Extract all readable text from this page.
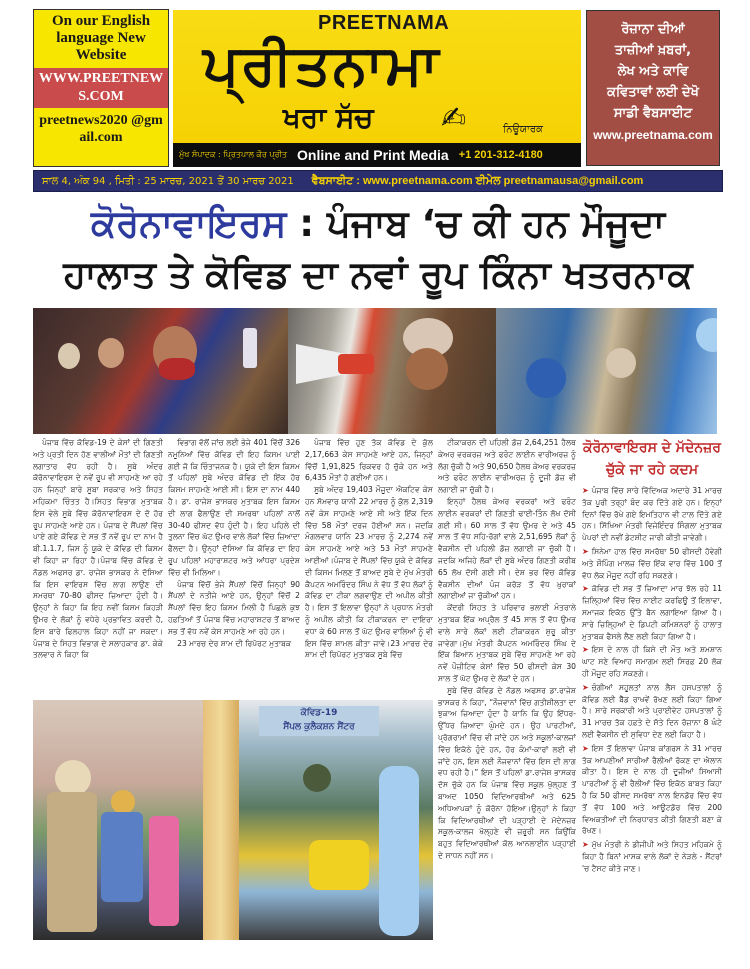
On our English language New Website
WWW.PREETNEWS.COM
preetnews2020 @gmail.com
PREETNAMA
ਪ੍ਰੀਤਨਾਮਾ
ਖਰਾ ਸੱਚ ✍	ਨਿਊਯਾਰਕ
ਮੁੱਖ ਸੰਪਾਦਕ : ਪ੍ਰਿਤਪਾਲ ਕੌਰ ਪ੍ਰੀਤ Online and Print Media +1 201-312-4180
ਰੋਜ਼ਾਨਾ ਦੀਆਂ
ਤਾਜ਼ੀਆਂ ਖ਼ਬਰਾਂ,
ਲੇਖ ਅਤੇ ਕਾਵਿ
ਕਵਿਤਾਵਾਂ ਲਈ ਦੇਖੋ
ਸਾਡੀ ਵੈਬਸਾਈਟ
www.preetnama.com
ਸਾਲ 4, ਅੰਕ 94 , ਮਿਤੀ : 25 ਮਾਰਚ, 2021 ਤੋਂ 30 ਮਾਰਚ 2021 ਵੈਬਸਾਈਟ : www.preetnama.com ਈਮੇਲ preetnamausa@gmail.com
ਕੋਰੋਨਾਵਾਇਰਸ : ਪੰਜਾਬ ‘ਚ ਕੀ ਹਨ ਮੌਜੂਦਾ
ਹਾਲਾਤ ਤੇ ਕੋਵਿਡ ਦਾ ਨਵਾਂ ਰੂਪ ਕਿੰਨਾ ਖਤਰਨਾਕ

ਪੰਜਾਬ ਵਿੱਚ ਕੋਵਿਡ-19 ਦੇ ਕੇਸਾਂ ਦੀ ਗਿਣਤੀ ਅਤੇ ਪ੍ਰਤੀ ਦਿਨ ਹੋਣ ਵਾਲੀਆਂ ਮੌਤਾਂ ਦੀ ਗਿਣਤੀ ਲਗਾਤਾਰ ਵੱਧ ਰਹੀ ਹੈ। ਸੂਬੇ ਅੰਦਰ ਕੋਰੋਨਾਵਾਇਰਸ ਦੇ ਨਵੇਂ ਰੂਪ ਵੀ ਸਾਹਮਣੇ ਆ ਰਹੇ ਹਨ ਜਿਨ੍ਹਾਂ ਬਾਰੇ ਸੂਬਾ ਸਰਕਾਰ ਅਤੇ ਸਿਹਤ ਮਹਿਕਮਾ ਚਿੰਤਤ ਹੈ।ਸਿਹਤ ਵਿਭਾਗ ਮੁਤਾਬਕ ਇਸ ਵੇਲੇ ਸੂਬੇ ਵਿੱਚ ਕੋਰੋਨਾਵਾਇਰਸ ਦੇ ਦੋ ਹੋਰ ਰੂਪ ਸਾਹਮਣੇ ਆਏ ਹਨ। ਪੰਜਾਬ ਦੇ ਸੈਂਪਲਾਂ ਵਿੱਚ ਪਾਏ ਗਏ ਕੋਵਿਡ ਦੇ ਸਭ ਤੋਂ ਨਵੇਂ ਰੂਪ ਦਾ ਨਾਮ ਹੈ ਬੀ.1.1.7, ਜਿਸ ਨੂੰ ਯੂਕੇ ਦੇ ਕੋਵਿਡ ਦੀ ਕਿਸਮ ਵੀ ਕਿਹਾ ਜਾ ਰਿਹਾ ਹੈ।ਪੰਜਾਬ ਵਿੱਚ ਕੋਵਿਡ ਦੇ ਨੋਡਲ ਅਫਸਰ ਡਾ. ਰਾਜੇਸ਼ ਭਾਸਕਰ ਨੇ ਦੱਸਿਆ ਕਿ ਇਸ ਵਾਇਰਸ ਵਿੱਚ ਲਾਗ ਲਾਉਣ ਦੀ ਸਮਰਥਾ 70-80 ਫੀਸਦ ਜ਼ਿਆਦਾ ਹੁੰਦੀ ਹੈ।ਉਨ੍ਹਾਂ ਨੇ ਕਿਹਾ ਕਿ ਇਹ ਨਵੀਂ ਕਿਸਮ ਕਿਹੜੀ ਉਮਰ ਦੇ ਲੋਕਾਂ ਨੂੰ ਵਧੇਰੇ ਪ੍ਰਭਾਵਿਤ ਕਰਦੀ ਹੈ, ਇਸ ਬਾਰੇ ਫਿਲਹਾਲ ਕਿਹਾ ਨਹੀਂ ਜਾ ਸਕਦਾ। ਪੰਜਾਬ ਦੇ ਸਿਹਤ ਵਿਭਾਗ ਦੇ ਸਲਾਹਕਾਰ ਡਾ. ਕੇਕੇ ਤਲਵਾਰ ਨੇ ਕਿਹਾ ਕਿ

ਵਿਭਾਗ ਵੱਲੋਂ ਜਾਂਚ ਲਈ ਭੇਜੇ 401 ਵਿੱਚੋਂ 326 ਨਮੂਨਿਆਂ ਵਿੱਚ ਕੋਵਿਡ ਦੀ ਇਹ ਕਿਸਮ ਪਾਈ ਗਈ ਜੋ ਕਿ ਚਿੰਤਾਜਨਕ ਹੈ। ਯੂਕੇ ਦੀ ਇਸ ਕਿਸਮ ਤੋਂ ਪਹਿਲਾਂ ਸੂਬੇ ਅੰਦਰ ਕੋਵਿਡ ਦੀ ਇੱਕ ਹੋਰ ਕਿਸਮ ਸਾਹਮਣੇ ਆਈ ਸੀ। ਇਸ ਦਾ ਨਾਮ 440 ਹੈ। ਡਾ. ਰਾਜੇਸ਼ ਭਾਸਕਰ ਮੁਤਾਬਕ ਇਸ ਕਿਸਮ ਦੀ ਲਾਗ ਫੈਲਾਉਣ ਦੀ ਸਮਰਥਾ ਪਹਿਲਾਂ ਨਾਲੋਂ 30-40 ਫੀਸਦ ਵੱਧ ਹੁੰਦੀ ਹੈ। ਇਹ ਪਹਿਲੇ ਦੀ ਤੁਲਨਾ ਵਿੱਚ ਘੱਟ ਉਮਰ ਵਾਲੇ ਲੋਕਾਂ ਵਿੱਚ ਜ਼ਿਆਦਾ ਫੈਲਦਾ ਹੈ। ਉਨ੍ਹਾਂ ਦੱਸਿਆ ਕਿ ਕੋਵਿਡ ਦਾ ਇਹ ਰੂਪ ਪਹਿਲਾਂ ਮਹਾਰਾਸ਼ਟਰ ਅਤੇ ਆਂਧਰਾ ਪ੍ਰਦੇਸ਼ ਵਿੱਚ ਵੀ ਮਿਲਿਆ।

ਪੰਜਾਬ ਵਿੱਚੋਂ ਭੇਜੇ ਸੈਂਪਲਾਂ ਵਿੱਚੋਂ ਜਿਨ੍ਹਾਂ 90 ਸੈਂਪਲਾਂ ਦੇ ਨਤੀਜੇ ਆਏ ਹਨ, ਉਨ੍ਹਾਂ ਵਿੱਚੋਂ 2 ਸੈਂਪਲਾਂ ਵਿੱਚ ਇਹ ਕਿਸਮ ਮਿਲੀ ਹੈ ਪਿਛਲੇ ਕੁਝ ਹਫ਼ਤਿਆਂ ਤੋਂ ਪੰਜਾਬ ਵਿੱਚ ਮਹਾਰਾਸ਼ਟਰ ਤੋਂ ਬਾਅਦ ਸਭ ਤੋਂ ਵੱਧ ਨਵੇਂ ਕੇਸ ਸਾਹਮਣੇ ਆ ਰਹੇ ਹਨ।

23 ਮਾਰਚ ਦੇਰ ਸ਼ਾਮ ਦੀ ਰਿਪੋਰਟ ਮੁਤਾਬਕ

ਪੰਜਾਬ ਵਿੱਚ ਹੁਣ ਤੱਕ ਕੋਵਿਡ ਦੇ ਕੁੱਲ 2,17,663 ਕੇਸ ਸਾਹਮਣੇ ਆਏ ਹਨ, ਜਿਨ੍ਹਾਂ ਵਿੱਚੋਂ 1,91,825 ਰਿਕਵਰ ਹੋ ਚੁੱਕੇ ਹਨ ਅਤੇ 6,435 ਮੌਤਾਂ ਹੋ ਗਈਆਂ ਹਨ।

ਸੂਬੇ ਅੰਦਰ 19,403 ਮੌਜੂਦਾ ਐਕਟਿਵ ਕੇਸ ਹਨ ਸੋਮਵਾਰ ਯਾਨੀ 22 ਮਾਰਚ ਨੂੰ ਕੁੱਲ 2,319 ਨਵੇਂ ਕੇਸ ਸਾਹਮਣੇ ਆਏ ਸੀ ਅਤੇ ਇੱਕ ਦਿਨ ਵਿੱਚ 58 ਮੌਤਾਂ ਦਰਜ ਹੋਈਆਂ ਸਨ। ਜਦਕਿ ਮੰਗਲਵਾਰ ਯਾਨਿ 23 ਮਾਰਚ ਨੂੰ 2,274 ਨਵੇਂ ਕੇਸ ਸਾਹਮਣੇ ਆਏ ਅਤੇ 53 ਮੌਤਾਂ ਸਾਹਮਣੇ ਆਈਆਂ।ਪੰਜਾਬ ਦੇ ਸੈਂਪਲਾਂ ਵਿੱਚ ਯੂਕੇ ਦੇ ਕੋਵਿਡ ਦੀ ਕਿਸਮ ਮਿਲਣ ਤੋਂ ਬਾਅਦ ਸੂਬੇ ਦੇ ਮੁੱਖ ਮੰਤਰੀ ਕੈਪਟਨ ਅਮਰਿੰਦਰ ਸਿੰਘ ਨੇ ਵੱਧ ਤੋਂ ਵੱਧ ਲੋਕਾਂ ਨੂੰ ਕੋਵਿਡ ਦਾ ਟੀਕਾ ਲਗਵਾਉਣ ਦੀ ਅਪੀਲ ਕੀਤੀ ਹੈ। ਇਸ ਤੋਂ ਇਲਾਵਾ ਉਨ੍ਹਾਂ ਨੇ ਪ੍ਰਧਾਨ ਮੰਤਰੀ ਨੂੰ ਅਪੀਲ ਕੀਤੀ ਕਿ ਟੀਕਾਕਰਨ ਦਾ ਦਾਇਰਾ ਵਧਾ ਕੇ 60 ਸਾਲ ਤੋਂ ਘੱਟ ਉਮਰ ਵਾਲਿਆਂ ਨੂੰ ਵੀ ਇਸ ਵਿੱਚ ਸ਼ਾਮਲ ਕੀਤਾ ਜਾਵੇ।23 ਮਾਰਚ ਦੇਰ ਸ਼ਾਮ ਦੀ ਰਿਪੋਰਟ ਮੁਤਾਬਕ ਸੂਬੇ ਵਿੱਚ

ਟੀਕਾਕਰਨ ਦੀ ਪਹਿਲੀ ਡੋਜ਼ 2,64,251 ਹੈਲਥ ਕੇਅਰ ਵਰਕਰਜ਼ ਅਤੇ ਫਰੰਟ ਲਾਈਨ ਵਾਰੀਅਰਜ਼ ਨੂੰ ਲੱਗ ਚੁੱਕੀ ਹੈ ਅਤੇ 90,650 ਹੈਲਥ ਕੇਅਰ ਵਰਕਰਜ਼ ਅਤੇ ਫਰੰਟ ਲਾਈਨ ਵਾਰੀਅਰਜ਼ ਨੂੰ ਦੂਜੀ ਡੋਜ਼ ਵੀ ਲਗਾਈ ਜਾ ਚੁੱਕੀ ਹੈ।

ਇਨ੍ਹਾਂ ਹੈਲਥ ਕੇਅਰ ਵਰਕਰਾਂ ਅਤੇ ਫਰੰਟ ਲਾਈਨ ਵਰਕਰਾਂ ਦੀ ਗਿਣਤੀ ਢਾਈ-ਤਿੰਨ ਲੱਖ ਦੱਸੀ ਗਈ ਸੀ। 60 ਸਾਲ ਤੋਂ ਵੱਧ ਉਮਰ ਦੇ ਅਤੇ 45 ਸਾਲ ਤੋਂ ਵੱਧ ਸਹਿ-ਰੋਗਾਂ ਵਾਲੇ 2,51,695 ਲੋਕਾਂ ਨੂੰ ਵੈਕਸੀਨ ਦੀ ਪਹਿਲੀ ਡੋਜ਼ ਲਗਾਈ ਜਾ ਚੁੱਕੀ ਹੈ। ਜਦਕਿ ਅਜਿਹੇ ਲੋਕਾਂ ਦੀ ਸੂਬੇ ਅੰਦਰ ਗਿਣਤੀ ਕਰੀਬ 65 ਲੱਖ ਦੱਸੀ ਗਈ ਸੀ। ਦੇਸ਼ ਭਰ ਵਿੱਚ ਕੋਵਿਡ ਵੈਕਸੀਨ ਦੀਆਂ ਪੰਜ ਕਰੋੜ ਤੋਂ ਵੱਧ ਖ਼ੁਰਾਕਾਂ ਲਗਾਈਆਂ ਜਾ ਚੁੱਕੀਆਂ ਹਨ।

ਕੇਂਦਰੀ ਸਿਹਤ ਤੇ ਪਰਿਵਾਰ ਭਲਾਈ ਮੰਤਰਾਲੇ ਮੁਤਾਬਕ ਇੱਕ ਅਪ੍ਰੈਲ ਤੋਂ 45 ਸਾਲ ਤੋਂ ਵੱਧ ਉਮਰ ਵਾਲੇ ਸਾਰੇ ਲੋਕਾਂ ਲਈ ਟੀਕਾਕਰਨ ਸ਼ੁਰੂ ਕੀਤਾ ਜਾਵੇਗਾ।ਮੁੱਖ ਮੰਤਰੀ ਕੈਪਟਨ ਅਮਰਿੰਦਰ ਸਿੰਘ ਦੇ ਇੱਕ ਬਿਆਨ ਮੁਤਾਬਕ ਸੂਬੇ ਵਿੱਚ ਸਾਹਮਣੇ ਆ ਰਹੇ ਨਵੇਂ ਪੌਜ਼ੀਟਿਵ ਕੇਸਾਂ ਵਿੱਚ 50 ਫੀਸਦੀ ਕੇਸ 30 ਸਾਲ ਤੋਂ ਘੱਟ ਉਮਰ ਦੇ ਲੋਕਾਂ ਦੇ ਹਨ।

ਸੂਬੇ ਵਿੱਚ ਕੋਵਿਡ ਦੇ ਨੋਡਲ ਅਫਸਰ ਡਾ.ਰਾਜੇਸ਼ ਭਾਸਕਰ ਨੇ ਕਿਹਾ, “ਨੌਜਵਾਨਾਂ ਵਿੱਚ ਗਤੀਸ਼ੀਲਤਾ ਦਾ ਝੁਕਾਅ ਜ਼ਿਆਦਾ ਹੁੰਦਾ ਹੈ ਯਾਨਿ ਕਿ ਉਹ ਇੱਧਰ-ਉੱਧਰ ਜ਼ਿਆਦਾ ਘੁੰਮਦੇ ਹਨ। ਉਹ ਪਾਰਟੀਆਂ, ਪ੍ਰੋਗਰਾਮਾਂ ਵਿੱਚ ਵੀ ਜਾਂਦੇ ਹਨ ਅਤੇ ਸਕੂਲਾਂ-ਕਾਲਜਾਂ ਵਿੱਚ ਇਕੱਠੇ ਹੁੰਦੇ ਹਨ, ਹੋਰ ਕੰਮਾਂ-ਕਾਰਾਂ ਲਈ ਵੀ ਜਾਂਦੇ ਹਨ, ਇਸ ਲਈ ਨੌਜਵਾਨਾਂ ਵਿੱਚ ਇਸ ਦੀ ਲਾਗ ਵਧ ਰਹੀ ਹੈ।” ਇਸ ਤੋਂ ਪਹਿਲਾਂ ਡਾ.ਰਾਜੇਸ਼ ਭਾਸਕਰ ਦੱਸ ਚੁੱਕੇ ਹਨ ਕਿ ਪੰਜਾਬ ਵਿੱਚ ਸਕੂਲ ਖੁੱਲ੍ਹਣ ਤੋਂ ਬਾਅਦ 1050 ਵਿਦਿਆਰਥੀਆਂ ਅਤੇ 625 ਅਧਿਆਪਕਾਂ ਨੂੰ ਕੋਰੋਨਾ ਹੋਇਆ।ਉਨ੍ਹਾਂ ਨੇ ਕਿਹਾ ਕਿ ਵਿਦਿਆਰਥੀਆਂ ਦੀ ਪੜ੍ਹਾਈ ਦੇ ਮੱਦੇਨਜ਼ਰ ਸਕੂਲ-ਕਾਲਜ ਖੋਲ੍ਹਣੇ ਵੀ ਜ਼ਰੂਰੀ ਸਨ ਕਿਉਂਕਿ ਬਹੁਤ ਵਿਦਿਆਰਥੀਆਂ ਕੋਲ ਆਨਲਾਈਨ ਪੜ੍ਹਾਈ ਦੇ ਸਾਧਨ ਨਹੀਂ ਸਨ।

ਕੋਵਿਡ-19
ਸੈਂਪਲ ਕੁਲੈਕਸ਼ਨ ਸੈਂਟਰ
ਕੋਰੋਨਾਵਾਇਰਸ ਦੇ ਮੱਦੇਨਜ਼ਰ ਚੁੱਕੇ ਜਾ ਰਹੇ ਕਦਮ
➤ ਪੰਜਾਬ ਵਿੱਚ ਸਾਰੇ ਵਿੱਦਿਅਕ ਅਦਾਰੇ 31 ਮਾਰਚ ਤੱਕ ਪੂਰੀ ਤਰ੍ਹਾਂ ਬੰਦ ਕਰ ਦਿੱਤੇ ਗਏ ਹਨ। ਇਨ੍ਹਾਂ ਦਿਨਾਂ ਵਿੱਚ ਰੱਖੇ ਗਏ ਇਮਤਿਹਾਨ ਵੀ ਟਾਲ ਦਿੱਤੇ ਗਏ ਹਨ। ਸਿੱਖਿਆ ਮੰਤਰੀ ਵਿਜੇਇੰਦਰ ਸਿੰਗਲਾ ਮੁਤਾਬਕ ਪੇਪਰਾਂ ਦੀ ਨਵੀਂ ਡੇਟਸ਼ੀਟ ਜਾਰੀ ਕੀਤੀ ਜਾਵੇਗੀ।
➤ ਸਿਨੇਮਾ ਹਾਲ ਵਿੱਚ ਸਮਰੱਥਾ 50 ਫੀਸਦੀ ਹੋਵੇਗੀ ਅਤੇ ਸ਼ੌਪਿੰਗ ਮਾਲਜ਼ ਵਿੱਚ ਇੱਕ ਵਾਰ ਵਿੱਚ 100 ਤੋਂ ਵੱਧ ਲੋਕ ਮੌਜੂਦ ਨਹੀਂ ਰਹਿ ਸਕਣਗੇ।
➤ ਕੋਵਿਡ ਦੀ ਸਭ ਤੋਂ ਜ਼ਿਆਦਾ ਮਾਰ ਝੱਲ ਰਹੇ 11 ਜ਼ਿਲ੍ਹਿਆਂ ਵਿੱਚ ਵਿੱਚ ਨਾਈਟ ਕਰਫਿਊ ਤੋਂ ਇਲਾਵਾ, ਸਮਾਜਕ ਇਕੱਠ ਉੱਤੇ ਬੈਨ ਲਗਾਇਆ ਗਿਆ ਹੈ। ਸਾਰੇ ਜ਼ਿਲ੍ਹਿਆਂ ਦੇ ਡਿਪਟੀ ਕਮਿਸ਼ਨਰਾਂ ਨੂੰ ਹਾਲਾਤ ਮੁਤਾਬਕ ਫੈਸਲੇ ਲੈਣ ਲਈ ਕਿਹਾ ਗਿਆ ਹੈ।
➤ ਇਸ ਦੇ ਨਾਲ ਹੀ ਕਿਸੇ ਦੀ ਮੌਤ ਅਤੇ ਸ਼ਮਸ਼ਾਨ ਘਾਟ ਸਣੇ ਵਿਆਹ ਸਮਾਗਮ ਲਈ ਸਿਰਫ਼ 20 ਲੋਕ ਹੀ ਮੌਜੂਦ ਰਹਿ ਸਕਣਗੇ।
➤ ਚੰਗੀਆਂ ਸਹੂਲਤਾਂ ਨਾਲ ਲੈਸ ਹਸਪਤਾਲਾਂ ਨੂੰ ਕੋਵਿਡ ਲਈ ਬੈੱਡ ਰਾਖਵੇਂ ਰੱਖਣ ਲਈ ਕਿਹਾ ਗਿਆ ਹੈ। ਸਾਰੇ ਸਰਕਾਰੀ ਅਤੇ ਪ੍ਰਾਈਵੇਟ ਹਸਪਤਾਲਾਂ ਨੂੰ 31 ਮਾਰਚ ਤੱਕ ਹਫ਼ਤੇ ਦੇ ਸੱਤੇ ਦਿਨ ਰੋਜ਼ਾਨਾ 8 ਘੰਟੇ ਲਈ ਵੈਕਸੀਨ ਦੀ ਸੁਵਿਧਾ ਦੇਣ ਲਈ ਕਿਹਾ ਹੈ।
➤ ਇਸ ਤੋਂ ਇਲਾਵਾ ਪੰਜਾਬ ਕਾਂਗਰਸ ਨੇ 31 ਮਾਰਚ ਤੱਕ ਆਪਣੀਆਂ ਸਾਰੀਆਂ ਰੈਲੀਆਂ ਰੋਕਣ ਦਾ ਐਲਾਨ ਕੀਤਾ ਹੈ। ਇਸ ਦੇ ਨਾਲ ਹੀ ਦੂਜੀਆਂ ਸਿਆਸੀ ਪਾਰਟੀਆਂ ਨੂੰ ਵੀ ਰੈਲੀਆਂ ਵਿੱਚ ਇਕੱਠ ਬਾਬਤ ਕਿਹਾ ਹੈ ਕਿ 50 ਫੀਸਦ ਸਮਰੱਥਾ ਨਾਲ ਇਨਡੋਰ ਵਿੱਚ ਵੱਧ ਤੋਂ ਵੱਧ 100 ਅਤੇ ਆਊਟਡੋਰ ਵਿੱਚ 200 ਵਿਅਕਤੀਆਂ ਦੀ ਨਿਰਧਾਰਤ ਕੀਤੀ ਗਿਣਤੀ ਬਣਾ ਕੇ ਰੱਖਣ।
➤ ਮੁੱਖ ਮੰਤਰੀ ਨੇ ਡੀਜੀਪੀ ਅਤੇ ਸਿਹਤ ਮਹਿਕਮੇ ਨੂੰ ਕਿਹਾ ਹੈ ਬਿਨਾਂ ਮਾਸਕ ਵਾਲੇ ਲੋਕਾਂ ਦੇ ਨੇੜਲੇ - ਸੈਂਟਰਾਂ 'ਚ ਟੈਸਟ ਕੀਤੇ ਜਾਣ।
